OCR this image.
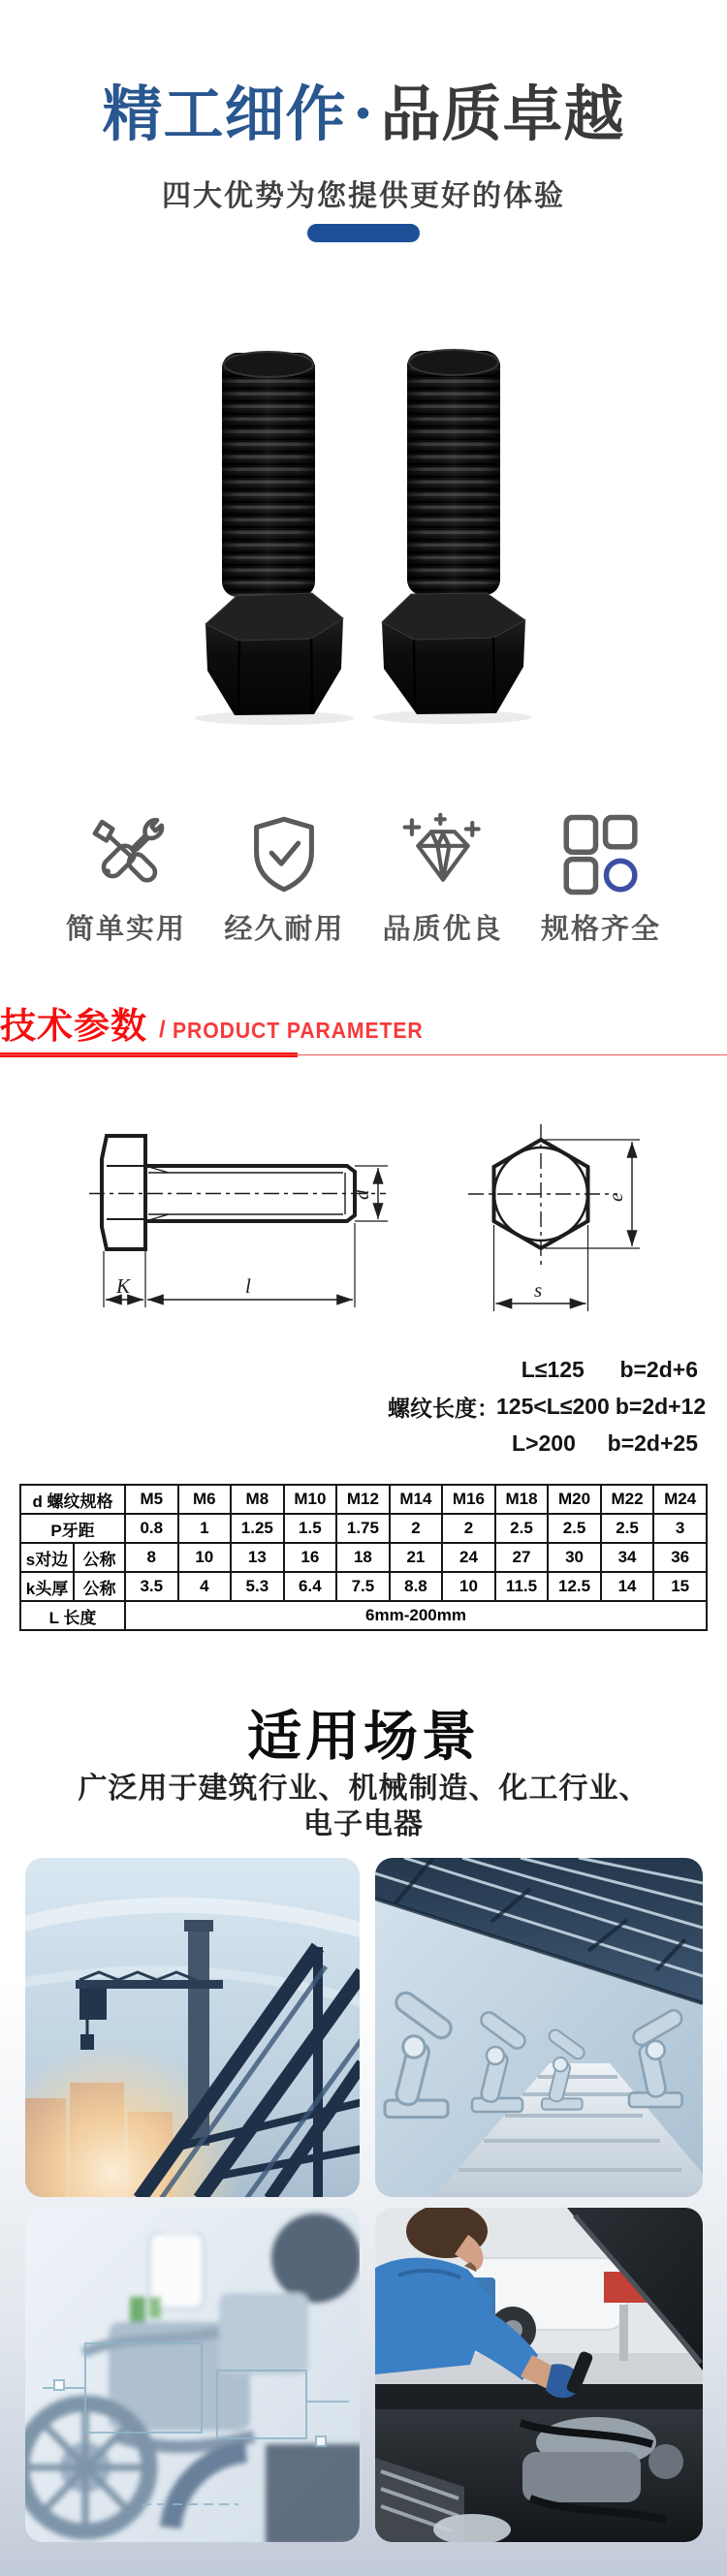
精工细作 • 品质卓越
四大优势为您提供更好的体验
简单实用	经久耐用	品质优良	规格齐全
技术参数 / PRODUCT PARAMETER
K	l
d	e
s
L≤125	b=2d+6
螺纹长度：
125<L≤200 b=2d+12
L>200	b=2d+25
d 螺纹规格		M5	M6	M8	M10	M12	M14	M16	M18	M20	M22	M24
P牙距		0.8	1	1.25	1.5	1.75	2	2	2.5	2.5	2.5	3
s对边	公称	8	10	13	16	18	21	24	27	30	34	36
k头厚	公称	3.5	4	5.3	6.4	7.5	8.8	10	11.5	12.5	14	15
L 长度		6mm-200mm										
适用场景
广泛用于建筑行业、机械制造、化工行业、
电子电器
